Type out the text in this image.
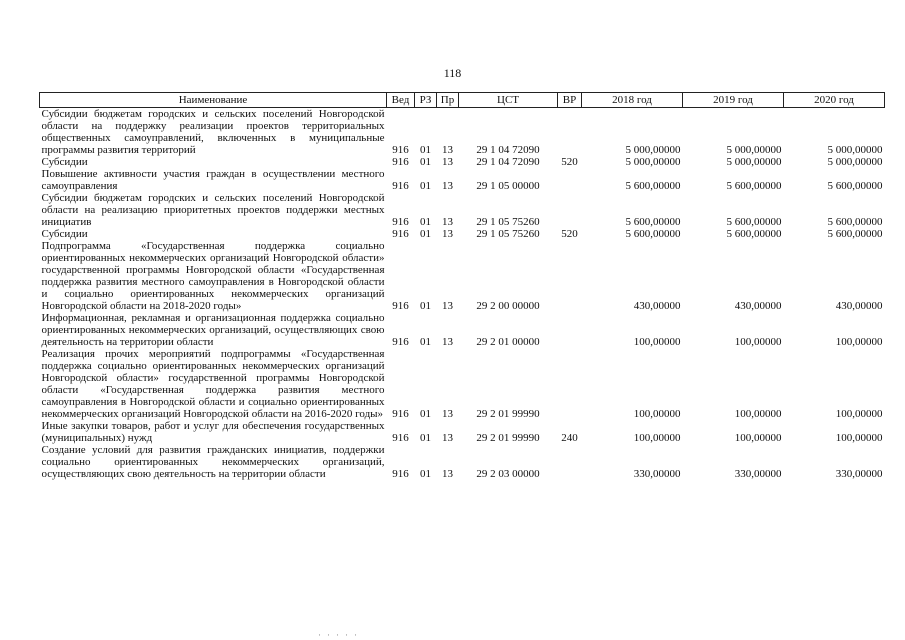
118
Наименование	Вед	РЗ	Пр	ЦСТ	ВР	2018 год	2019 год	2020 год
Субсидии бюджетам городских и сельских поселений Новгородской области на поддержку реализации проектов территориальных общественных самоуправлений, включенных в муниципальные программы развития территорий	916	01	13	29 1 04 72090		5 000,00000	5 000,00000	5 000,00000
Субсидии	916	01	13	29 1 04 72090	520	5 000,00000	5 000,00000	5 000,00000
Повышение активности участия граждан в осуществлении местного самоуправления	916	01	13	29 1 05 00000		5 600,00000	5 600,00000	5 600,00000
Субсидии бюджетам городских и сельских поселений Новгородской области на реализацию приоритетных проектов поддержки местных инициатив	916	01	13	29 1 05 75260		5 600,00000	5 600,00000	5 600,00000
Субсидии	916	01	13	29 1 05 75260	520	5 600,00000	5 600,00000	5 600,00000
Подпрограмма «Государственная поддержка социально ориентированных некоммерческих организаций Новгородской области» государственной программы Новгородской области «Государственная поддержка развития местного самоуправления в Новгородской области и социально ориентированных некоммерческих организаций Новгородской области на 2018-2020 годы»	916	01	13	29 2 00 00000		430,00000	430,00000	430,00000
Информационная, рекламная и организационная поддержка социально ориентированных некоммерческих организаций, осуществляющих свою деятельность на территории области	916	01	13	29 2 01 00000		100,00000	100,00000	100,00000
Реализация прочих мероприятий подпрограммы «Государственная поддержка социально ориентированных некоммерческих организаций Новгородской области» государственной программы Новгородской области «Государственная поддержка развития местного самоуправления в Новгородской области и социально ориентированных некоммерческих организаций Новгородской области на 2016-2020 годы»	916	01	13	29 2 01 99990		100,00000	100,00000	100,00000
Иные закупки товаров, работ и услуг для обеспечения государственных (муниципальных) нужд	916	01	13	29 2 01 99990	240	100,00000	100,00000	100,00000
Создание условий для развития гражданских инициатив, поддержки социально ориентированных некоммерческих организаций, осуществляющих свою деятельность на территории области	916	01	13	29 2 03 00000		330,00000	330,00000	330,00000
·····
